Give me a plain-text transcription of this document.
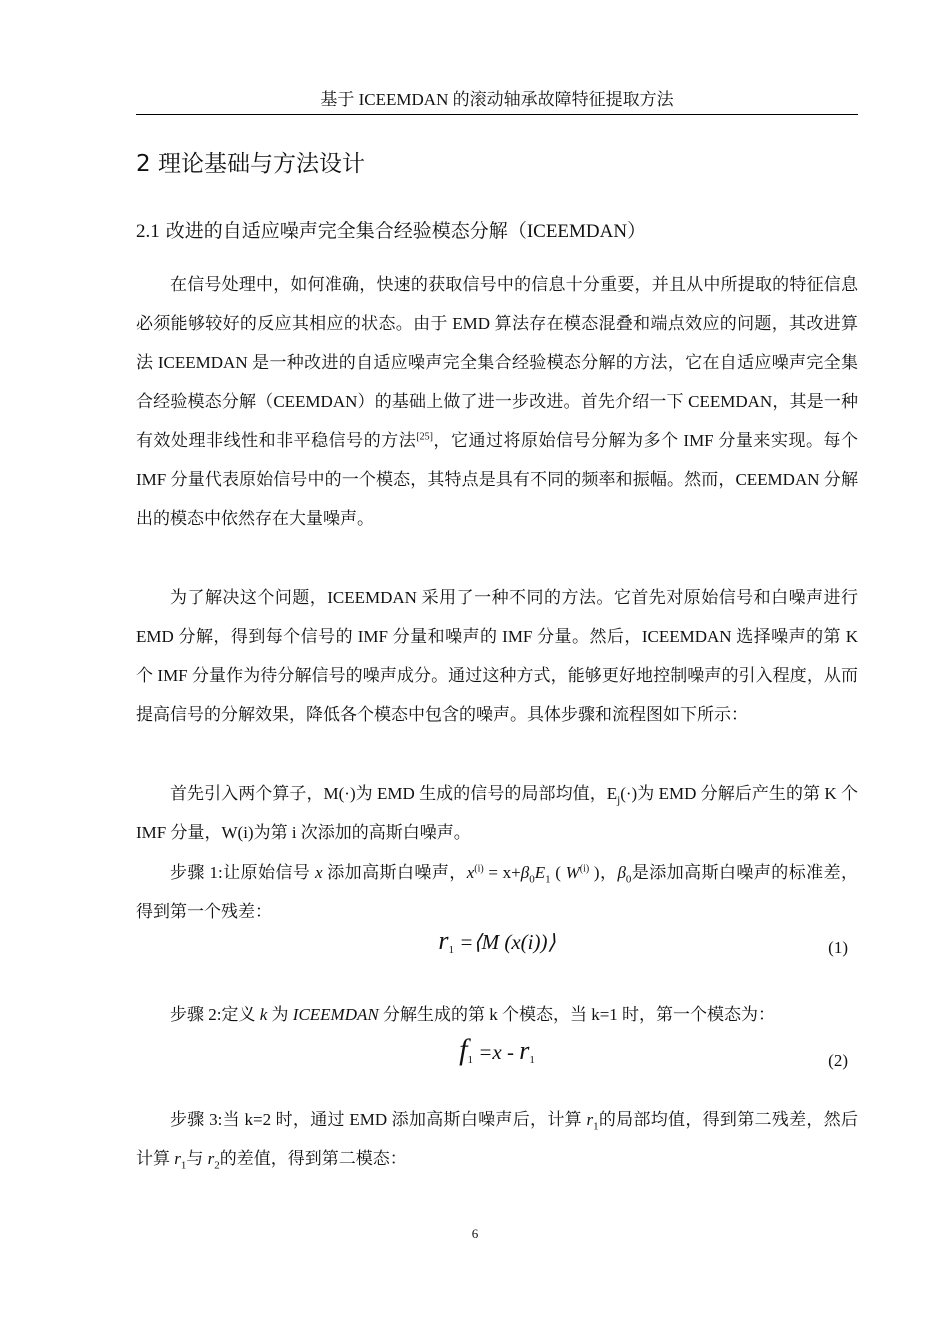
基于 ICEEMDAN 的滚动轴承故障特征提取方法
2 理论基础与方法设计
2.1 改进的自适应噪声完全集合经验模态分解（ICEEMDAN）

在信号处理中，如何准确，快速的获取信号中的信息十分重要，并且从中所提取的特征信息必须能够较好的反应其相应的状态。由于 EMD 算法存在模态混叠和端点效应的问题，其改进算法 ICEEMDAN 是一种改进的自适应噪声完全集合经验模态分解的方法，它在自适应噪声完全集合经验模态分解（CEEMDAN）的基础上做了进一步改进。首先介绍一下 CEEMDAN，其是一种有效处理非线性和非平稳信号的方法[25]，它通过将原始信号分解为多个 IMF 分量来实现。每个 IMF 分量代表原始信号中的一个模态，其特点是具有不同的频率和振幅。然而，CEEMDAN 分解出的模态中依然存在大量噪声。

为了解决这个问题，ICEEMDAN 采用了一种不同的方法。它首先对原始信号和白噪声进行 EMD 分解，得到每个信号的 IMF 分量和噪声的 IMF 分量。然后，ICEEMDAN 选择噪声的第 K 个 IMF 分量作为待分解信号的噪声成分。通过这种方式，能够更好地控制噪声的引入程度，从而提高信号的分解效果，降低各个模态中包含的噪声。具体步骤和流程图如下所示：

首先引入两个算子，M(·)为 EMD 生成的信号的局部均值，$E_j(\cdot)$为 EMD 分解后产生的第 K 个 IMF 分量，W(i)为第 i 次添加的高斯白噪声。

步骤 1:让原始信号 x 添加高斯白噪声，$x^{(i)} = x+\beta_0E_1$ ( $W^{(i)}$ )，$\beta_0$是添加高斯白噪声的标准差，得到第一个残差：

r1 =⟨M (x(i))⟩	(1)

步骤 2:定义 k 为 ICEEMDAN 分解生成的第 k 个模态，当 k=1 时，第一个模态为：

f1 =x - r1	(2)

步骤 3:当 k=2 时，通过 EMD 添加高斯白噪声后，计算 $r_1$的局部均值，得到第二残差，然后计算 $r_1$与 $r_2$的差值，得到第二模态：

6
